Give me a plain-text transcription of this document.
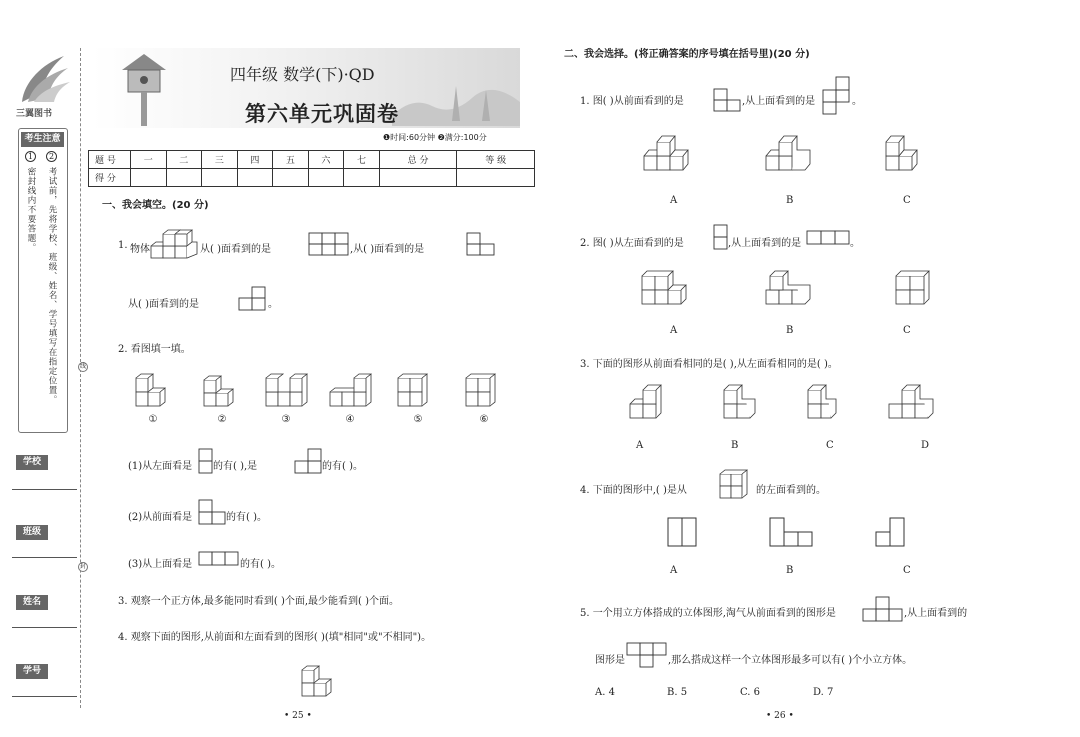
三翼图书
考生注意
1	2
考试前，先将学校、班级、姓名、学号填写在指定位置。
密封线内不要答题。
学校
班级
姓名
学号
线
封
四年级 数学(下)·QD
第六单元巩固卷
❶时间:60分钟 ❷满分:100分
题 号	一	二	三	四	五	六	七	总 分	等 级
得 分									
一、我会填空。(20 分)
1. 物体	从( )面看到的是	,从( )面看到的是
从( )面看到的是	。
2. 看图填一填。
①	②	③	④	⑤	⑥
(1)从左面看是 的有( ),是	的有( )。
(2)从前面看是	的有( )。
(3)从上面看是	的有( )。
3. 观察一个正方体,最多能同时看到( )个面,最少能看到( )个面。
4. 观察下面的图形,从前面和左面看到的图形( )(填"相同"或"不相同")。
• 25 •
二、我会选择。(将正确答案的序号填在括号里)(20 分)
1. 图( )从前面看到的是	,从上面看到的是	。
A	B	C
2. 图( )从左面看到的是	,从上面看到的是	。
A	B	C
3. 下面的图形从前面看相同的是( ),从左面看相同的是( )。
A	B	C	D
4. 下面的图形中,( )是从	的左面看到的。
A	B	C
5. 一个用立方体搭成的立体图形,淘气从前面看到的图形是	,从上面看到的
图形是	,那么搭成这样一个立体图形最多可以有( )个小立方体。
A. 4	B. 5	C. 6	D. 7
• 26 •
